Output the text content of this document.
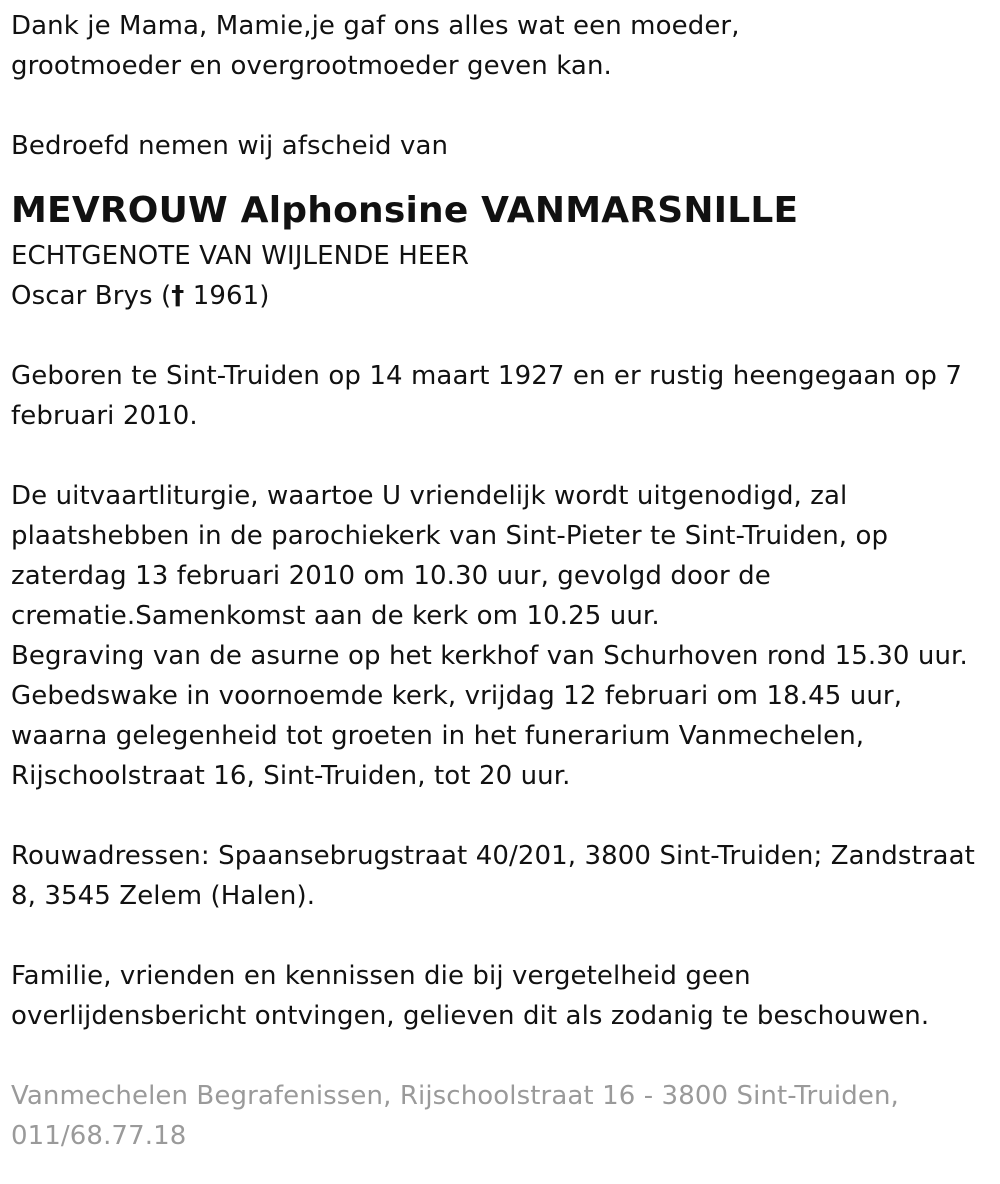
Dank je Mama, Mamie,je gaf ons alles wat een moeder,

grootmoeder en overgrootmoeder geven kan.

Bedroefd nemen wij afscheid van

MEVROUW Alphonsine VANMARSNILLE

ECHTGENOTE VAN WIJLENDE HEER

Oscar Brys († 1961)

Geboren te Sint-Truiden op 14 maart 1927 en er rustig heengegaan op 7

februari 2010.

De uitvaartliturgie, waartoe U vriendelijk wordt uitgenodigd, zal

plaatshebben in de parochiekerk van Sint-Pieter te Sint-Truiden, op

zaterdag 13 februari 2010 om 10.30 uur, gevolgd door de

crematie.Samenkomst aan de kerk om 10.25 uur.

Begraving van de asurne op het kerkhof van Schurhoven rond 15.30 uur.

Gebedswake in voornoemde kerk, vrijdag 12 februari om 18.45 uur,

waarna gelegenheid tot groeten in het funerarium Vanmechelen,

Rijschoolstraat 16, Sint-Truiden, tot 20 uur.

Rouwadressen: Spaansebrugstraat 40/201, 3800 Sint-Truiden; Zandstraat

8, 3545 Zelem (Halen).

Familie, vrienden en kennissen die bij vergetelheid geen

overlijdensbericht ontvingen, gelieven dit als zodanig te beschouwen.

Vanmechelen Begrafenissen, Rijschoolstraat 16 - 3800 Sint-Truiden,

011/68.77.18
